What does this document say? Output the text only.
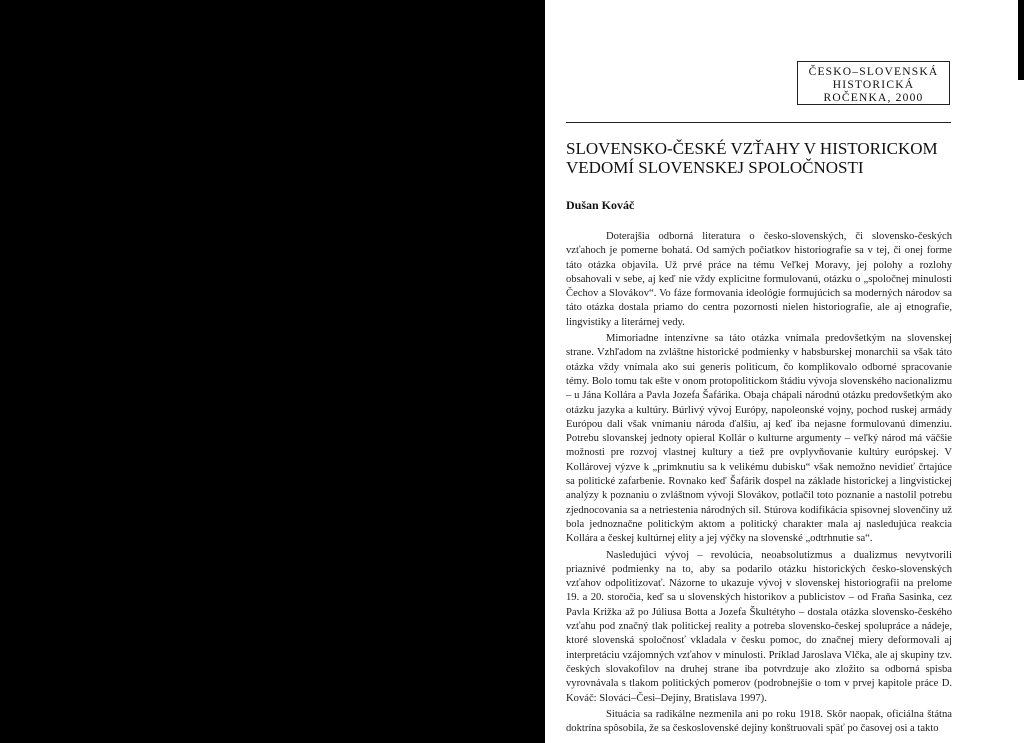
ČESKO–SLOVENSKÁ
HISTORICKÁ
ROČENKA, 2000
SLOVENSKO-ČESKÉ VZŤAHY V HISTORICKOM VEDOMÍ SLOVENSKEJ SPOLOČNOSTI
Dušan Kováč

Doterajšia odborná literatura o česko-slovenských, či slovensko-českých vzťahoch je pomerne bohatá. Od samých počiatkov historiografie sa v tej, či onej forme táto otázka objavila. Už prvé práce na tému Veľkej Moravy, jej polohy a rozlohy obsahovali v sebe, aj keď nie vždy explicitne formulovanú, otázku o „spoločnej minulosti Čechov a Slovákov“. Vo fáze formovania ideológie formujúcich sa moderných národov sa táto otázka dostala priamo do centra pozornosti nielen historiografie, ale aj etnografie, lingvistiky a literárnej vedy.

Mimoriadne intenzívne sa táto otázka vnímala predovšetkým na slovenskej strane. Vzhľadom na zvláštne historické podmienky v habsburskej monarchii sa však táto otázka vždy vnímala ako sui generis politicum, čo komplikovalo odborné spracovanie témy. Bolo tomu tak ešte v onom protopolitickom štádiu vývoja slovenského nacionalizmu – u Jána Kollára a Pavla Jozefa Šafárika. Obaja chápali národnú otázku predovšetkým ako otázku jazyka a kultúry. Búrlivý vývoj Európy, napoleonské vojny, pochod ruskej armády Európou dali však vnímaniu národa ďalšiu, aj keď iba nejasne formulovanú dimenziu. Potrebu slovanskej jednoty opieral Kollár o kulturne argumenty – veľký národ má väčšie možnosti pre rozvoj vlastnej kultury a tiež pre ovplyvňovanie kultúry európskej. V Kollárovej výzve k „primknutiu sa k velikému dubisku“ však nemožno nevidieť črtajúce sa politické zafarbenie. Rovnako keď Šafárik dospel na základe historickej a lingvistickej analýzy k poznaniu o zvláštnom vývoji Slovákov, potlačil toto poznanie a nastolil potrebu zjednocovania sa a netriestenia národných síl. Stúrova kodifikácia spisovnej slovenčiny už bola jednoznačne politickým aktom a politický charakter mala aj nasledujúca reakcia Kollára a českej kultúrnej elity a jej výčky na slovenské „odtrhnutie sa“.

Nasledujúci vývoj – revolúcia, neoabsolutizmus a dualizmus nevytvorili priaznivé podmienky na to, aby sa podarilo otázku historických česko-slovenských vzťahov odpolitizovať. Názorne to ukazuje vývoj v slovenskej historiografii na prelome 19. a 20. storočia, keď sa u slovenských historikov a publicistov – od Fraňa Sasinka, cez Pavla Križka až po Júliusa Botta a Jozefa Škultétyho – dostala otázka slovensko-českého vzťahu pod značný tlak politickej reality a potreba slovensko-českej spolupráce a nádeje, ktoré slovenská spoločnosť vkladala v česku pomoc, do značnej miery deformovali aj interpretáciu vzájomných vzťahov v minulosti. Príklad Jaroslava Vlčka, ale aj skupiny tzv. českých slovakofilov na druhej strane iba potvrdzuje ako zložito sa odborná spisba vyrovnávala s tlakom politických pomerov (podrobnejšie o tom v prvej kapitole práce D. Kováč: Slováci–Česi–Dejiny, Bratislava 1997).

Situácia sa radikálne nezmenila ani po roku 1918. Skôr naopak, oficiálna štátna doktrína spôsobila, že sa československé dejiny konštruovali späť po časovej osi a takto
